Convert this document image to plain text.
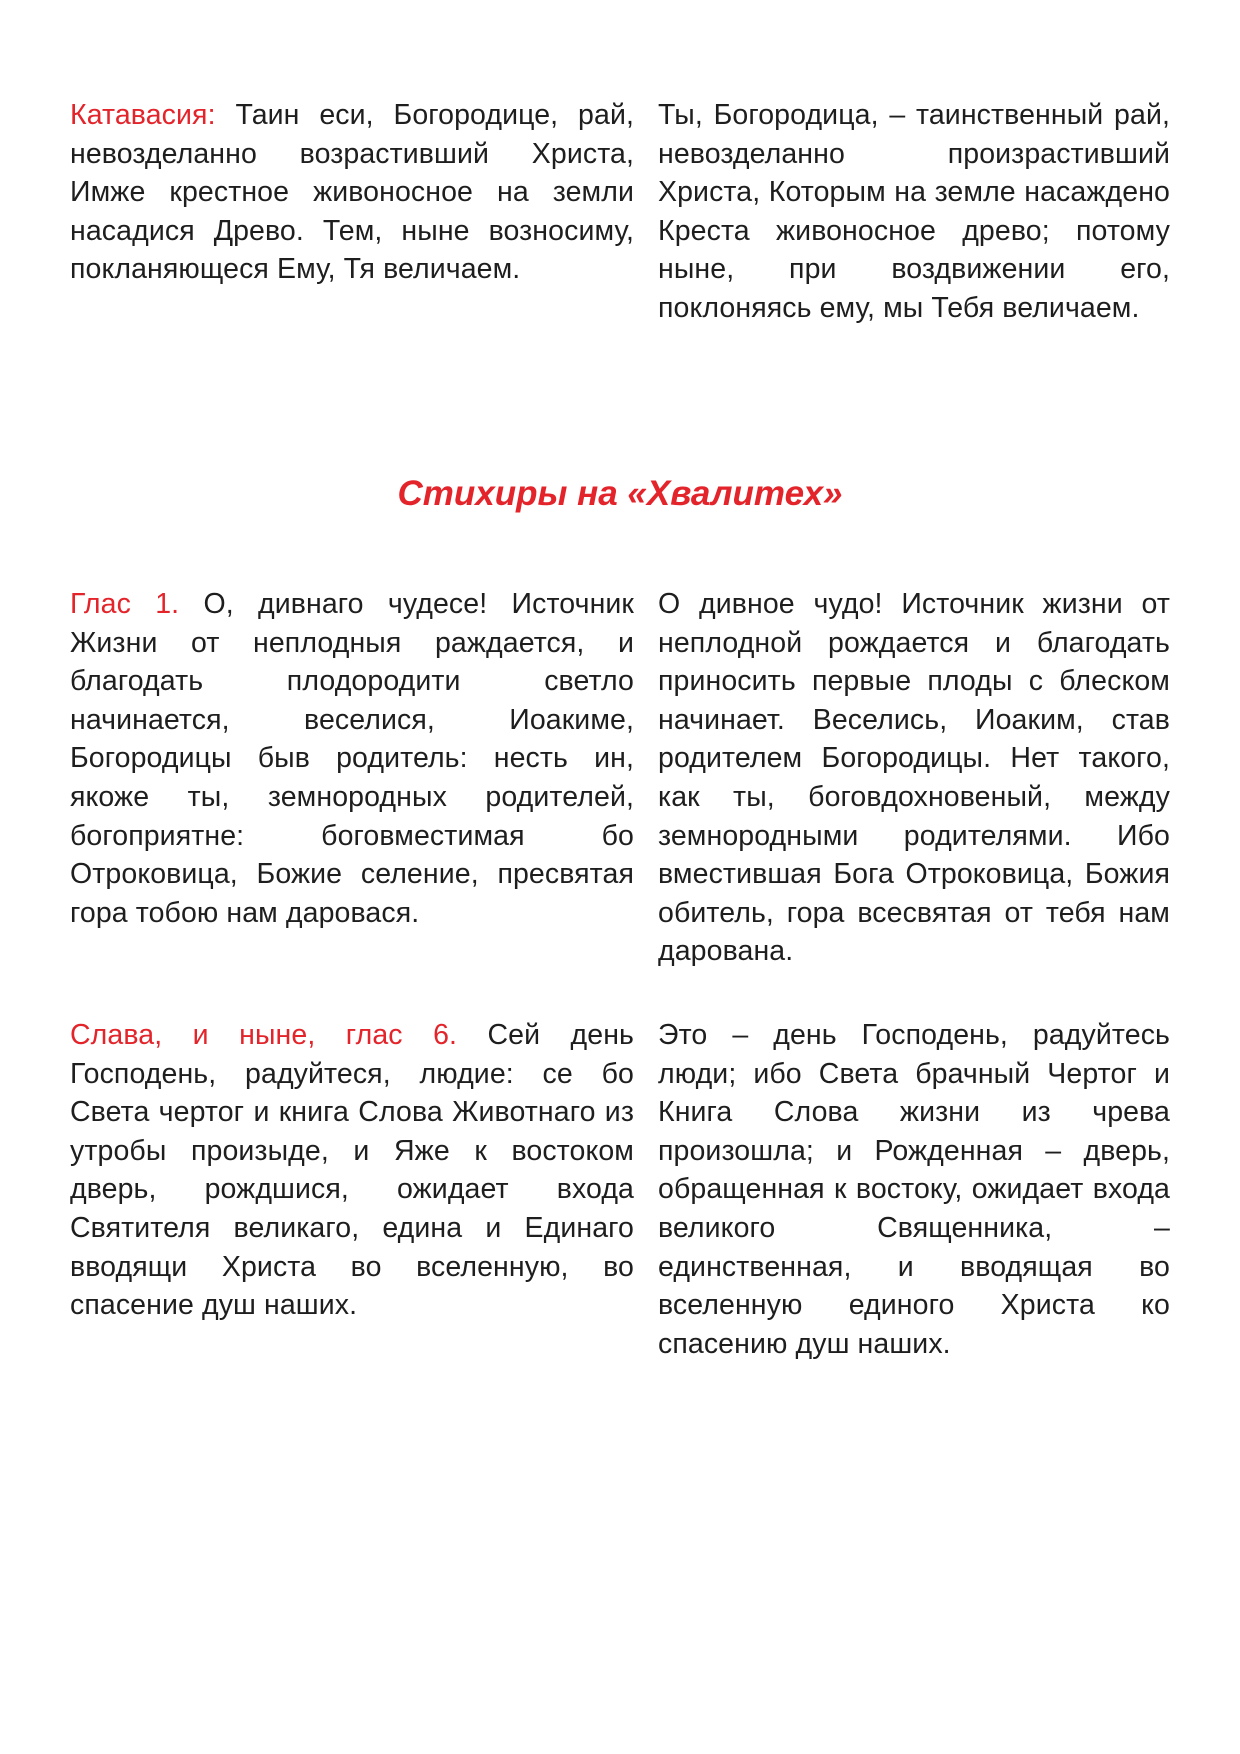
Катавасия: Таин еси, Богородице, рай, невозделанно возрастивший Христа, Имже крестное живоносное на земли насадися Древо. Тем, ныне возносиму, покланяющеся Ему, Тя величаем.
Ты, Богородица, – таинственный рай, невозделанно произрастивший Христа, Которым на земле насаждено Креста живоносное древо; потому ныне, при воздвижении его, поклоняясь ему, мы Тебя величаем.
Стихиры на «Хвалитех»
Глас 1. О, дивнаго чудесе! Источник Жизни от неплодныя раждается, и благодать плодородити светло начинается, веселися, Иоакиме, Богородицы быв родитель: несть ин, якоже ты, земнородных родителей, богоприятне: боговместимая бо Отроковица, Божие селение, пресвятая гора тобою нам даровася.
О дивное чудо! Источник жизни от неплодной рождается и благодать приносить первые плоды с блеском начинает. Веселись, Иоаким, став родителем Богородицы. Нет такого, как ты, боговдохновеный, между земнородными родителями. Ибо вместившая Бога Отроковица, Божия обитель, гора всесвятая от тебя нам дарована.
Слава, и ныне, глас 6. Сей день Господень, радуйтеся, людие: се бо Света чертог и книга Слова Животнаго из утробы произыде, и Яже к востоком дверь, рождшися, ожидает входа Святителя великаго, едина и Единаго вводящи Христа во вселенную, во спасение душ наших.
Это – день Господень, радуйтесь люди; ибо Света брачный Чертог и Книга Слова жизни из чрева произошла; и Рожденная – дверь, обращенная к востоку, ожидает входа великого Священника, – единственная, и вводящая во вселенную единого Христа ко спасению душ наших.
